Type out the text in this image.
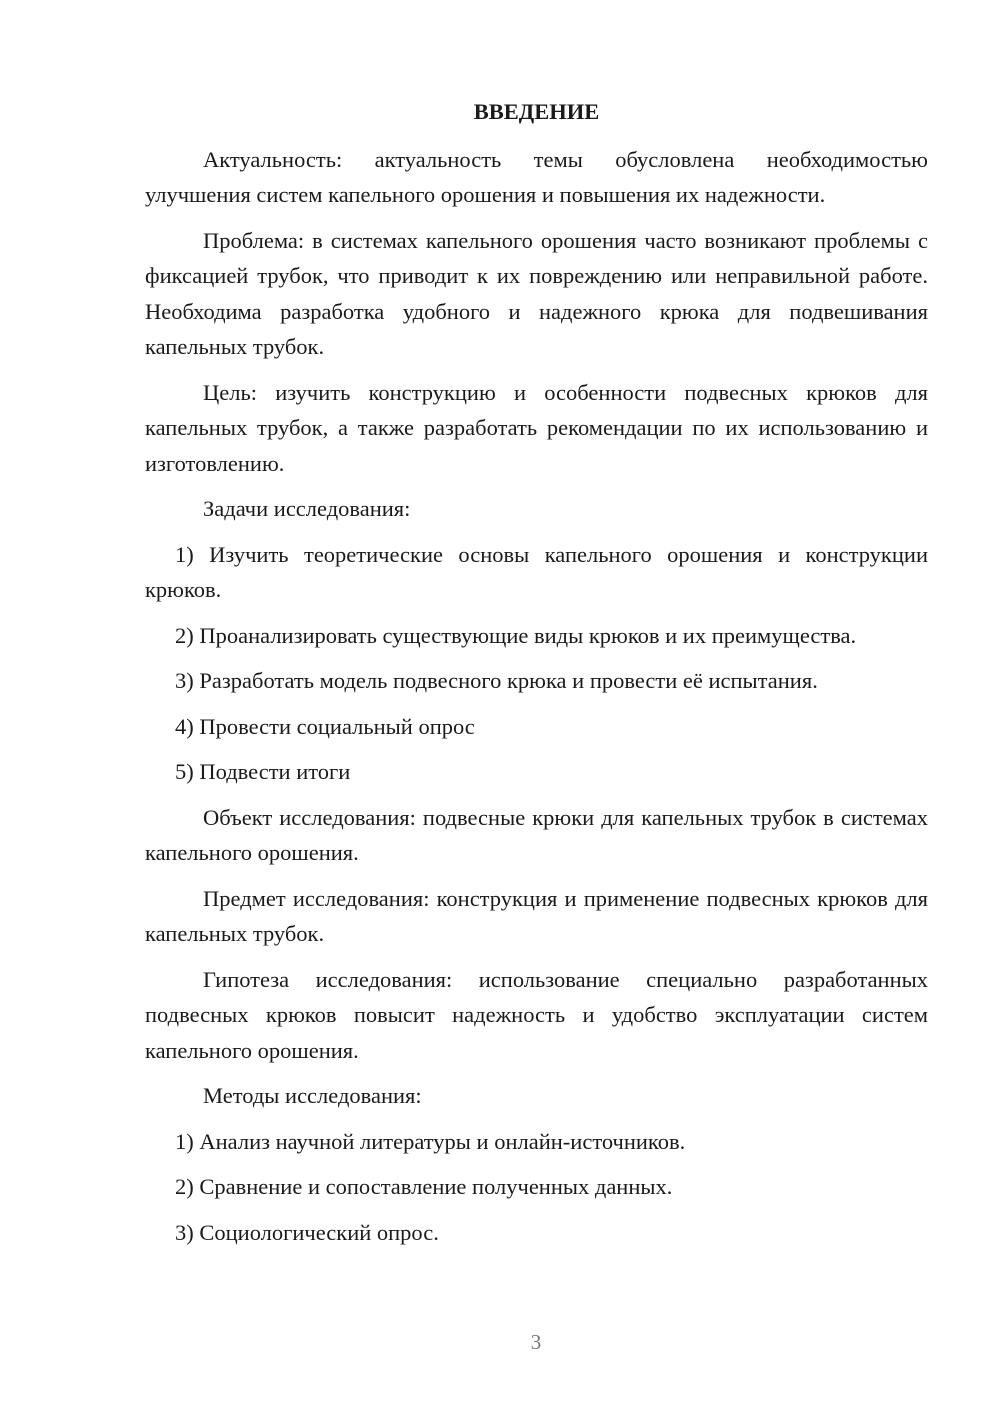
ВВЕДЕНИЕ

Актуальность: актуальность темы обусловлена необходимостью улучшения систем капельного орошения и повышения их надежности.

Проблема: в системах капельного орошения часто возникают проблемы с фиксацией трубок, что приводит к их повреждению или неправильной работе. Необходима разработка удобного и надежного крюка для подвешивания капельных трубок.

Цель: изучить конструкцию и особенности подвесных крюков для капельных трубок, а также разработать рекомендации по их использованию и изготовлению.

Задачи исследования:

1) Изучить теоретические основы капельного орошения и конструкции крюков.

2) Проанализировать существующие виды крюков и их преимущества.

3) Разработать модель подвесного крюка и провести её испытания.

4) Провести социальный опрос

5) Подвести итоги

Объект исследования: подвесные крюки для капельных трубок в системах капельного орошения.

Предмет исследования: конструкция и применение подвесных крюков для капельных трубок.

Гипотеза исследования: использование специально разработанных подвесных крюков повысит надежность и удобство эксплуатации систем капельного орошения.

Методы исследования:

1) Анализ научной литературы и онлайн-источников.

2) Сравнение и сопоставление полученных данных.

3) Социологический опрос.

3
